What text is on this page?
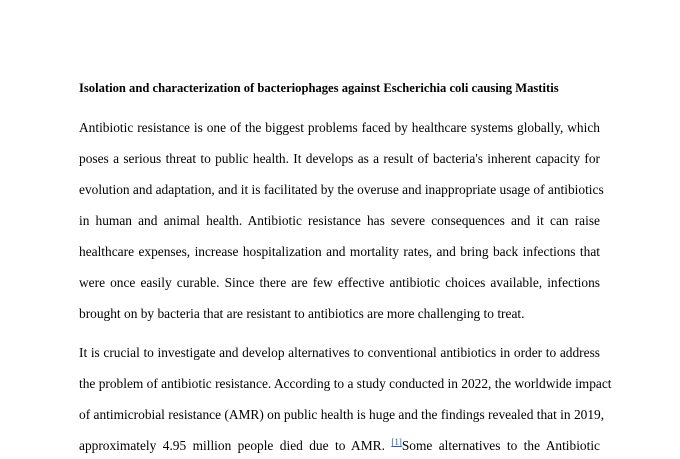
Isolation and characterization of bacteriophages against Escherichia coli causing Mastitis
Antibiotic resistance is one of the biggest problems faced by healthcare systems globally, which
poses a serious threat to public health. It develops as a result of bacteria's inherent capacity for
evolution and adaptation, and it is facilitated by the overuse and inappropriate usage of antibiotics
in human and animal health. Antibiotic resistance has severe consequences and it can raise
healthcare expenses, increase hospitalization and mortality rates, and bring back infections that
were once easily curable. Since there are few effective antibiotic choices available, infections
brought on by bacteria that are resistant to antibiotics are more challenging to treat.
It is crucial to investigate and develop alternatives to conventional antibiotics in order to address
the problem of antibiotic resistance. According to a study conducted in 2022, the worldwide impact
of antimicrobial resistance (AMR) on public health is huge and the findings revealed that in 2019,
approximately 4.95 million people died due to AMR. [1]Some alternatives to the Antibiotic
